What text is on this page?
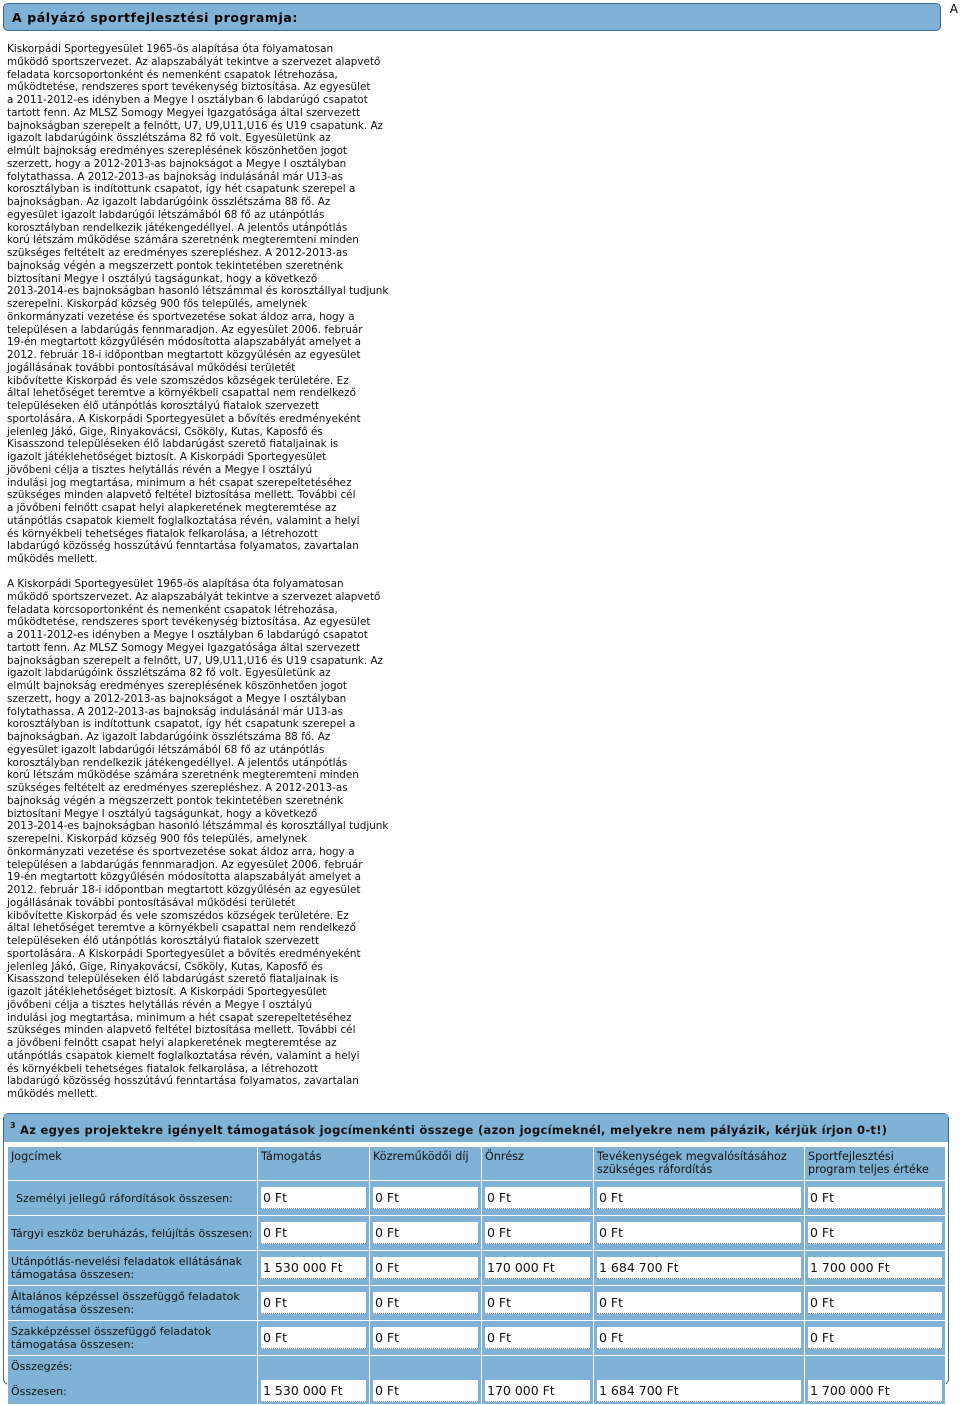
A pályázó sportfejlesztési programja:
A
Kiskorpádi Sportegyesület 1965-ös alapítása óta folyamatosan
működő sportszervezet. Az alapszabályát tekintve a szervezet alapvető
feladata korcsoportonként és nemenként csapatok létrehozása,
működtetése, rendszeres sport tevékenység biztosítása. Az egyesület
a 2011-2012-es idényben a Megye I osztályban 6 labdarúgó csapatot
tartott fenn. Az MLSZ Somogy Megyei Igazgatósága által szervezett
bajnokságban szerepelt a felnőtt, U7, U9,U11,U16 és U19 csapatunk. Az
igazolt labdarúgóink összlétszáma 82 fő volt. Egyesületünk az
elmúlt bajnokság eredményes szereplésének köszönhetően jogot
szerzett, hogy a 2012-2013-as bajnokságot a Megye I osztályban
folytathassa. A 2012-2013-as bajnokság indulásánál már U13-as
korosztályban is indítottunk csapatot, így hét csapatunk szerepel a
bajnokságban. Az igazolt labdarúgóink összlétszáma 88 fő. Az
egyesület igazolt labdarúgói létszámából 68 fő az utánpótlás
korosztályban rendelkezik játékengedéllyel. A jelentős utánpótlás
korú létszám működése számára szeretnénk megteremteni minden
szükséges feltételt az eredményes szerepléshez. A 2012-2013-as
bajnokság végén a megszerzett pontok tekintetében szeretnénk
biztosítani Megye I osztályú tagságunkat, hogy a következő
2013-2014-es bajnokságban hasonló létszámmal és korosztállyal tudjunk
szerepelni. Kiskorpád község 900 fős település, amelynek
önkormányzati vezetése és sportvezetése sokat áldoz arra, hogy a
településen a labdarúgás fennmaradjon. Az egyesület 2006. február
19-én megtartott közgyűlésén módosította alapszabályát amelyet a
2012. február 18-i időpontban megtartott közgyűlésén az egyesület
jogállásának további pontosításával működési területét
kibővítette Kiskorpád és vele szomszédos községek területére. Ez
által lehetőséget teremtve a környékbeli csapattal nem rendelkező
településeken élő utánpótlás korosztályú fiatalok szervezett
sportolására. A Kiskorpádi Sportegyesület a bővítés eredményeként
jelenleg Jákó, Gige, Rinyakovácsi, Csököly, Kutas, Kaposfő és
Kisasszond településeken élő labdarúgást szerető fiataljainak is
igazolt játéklehetőséget biztosít. A Kiskorpádi Sportegyesület
jövőbeni célja a tisztes helytállás révén a Megye I osztályú
indulási jog megtartása, minimum a hét csapat szerepeltetéséhez
szükséges minden alapvető feltétel biztosítása mellett. További cél
a jövőbeni felnőtt csapat helyi alapkeretének megteremtése az
utánpótlás csapatok kiemelt foglalkoztatása révén, valamint a helyi
és környékbeli tehetséges fiatalok felkarolása, a létrehozott
labdarúgó közösség hosszútávú fenntartása folyamatos, zavartalan
működés mellett.
A Kiskorpádi Sportegyesület 1965-ös alapítása óta folyamatosan
működő sportszervezet. Az alapszabályát tekintve a szervezet alapvető
feladata korcsoportonként és nemenként csapatok létrehozása,
működtetése, rendszeres sport tevékenység biztosítása. Az egyesület
a 2011-2012-es idényben a Megye I osztályban 6 labdarúgó csapatot
tartott fenn. Az MLSZ Somogy Megyei Igazgatósága által szervezett
bajnokságban szerepelt a felnőtt, U7, U9,U11,U16 és U19 csapatunk. Az
igazolt labdarúgóink összlétszáma 82 fő volt. Egyesületünk az
elmúlt bajnokság eredményes szereplésének köszönhetően jogot
szerzett, hogy a 2012-2013-as bajnokságot a Megye I osztályban
folytathassa. A 2012-2013-as bajnokság indulásánál már U13-as
korosztályban is indítottunk csapatot, így hét csapatunk szerepel a
bajnokságban. Az igazolt labdarúgóink összlétszáma 88 fő. Az
egyesület igazolt labdarúgói létszámából 68 fő az utánpótlás
korosztályban rendelkezik játékengedéllyel. A jelentős utánpótlás
korú létszám működése számára szeretnénk megteremteni minden
szükséges feltételt az eredményes szerepléshez. A 2012-2013-as
bajnokság végén a megszerzett pontok tekintetében szeretnénk
biztosítani Megye I osztályú tagságunkat, hogy a következő
2013-2014-es bajnokságban hasonló létszámmal és korosztállyal tudjunk
szerepelni. Kiskorpád község 900 fős település, amelynek
önkormányzati vezetése és sportvezetése sokat áldoz arra, hogy a
településen a labdarúgás fennmaradjon. Az egyesület 2006. február
19-én megtartott közgyűlésén módosította alapszabályát amelyet a
2012. február 18-i időpontban megtartott közgyűlésén az egyesület
jogállásának további pontosításával működési területét
kibővítette Kiskorpád és vele szomszédos községek területére. Ez
által lehetőséget teremtve a környékbeli csapattal nem rendelkező
településeken élő utánpótlás korosztályú fiatalok szervezett
sportolására. A Kiskorpádi Sportegyesület a bővítés eredményeként
jelenleg Jákó, Gige, Rinyakovácsi, Csököly, Kutas, Kaposfő és
Kisasszond településeken élő labdarúgást szerető fiataljainak is
igazolt játéklehetőséget biztosít. A Kiskorpádi Sportegyesület
jövőbeni célja a tisztes helytállás révén a Megye I osztályú
indulási jog megtartása, minimum a hét csapat szerepeltetéséhez
szükséges minden alapvető feltétel biztosítása mellett. További cél
a jövőbeni felnőtt csapat helyi alapkeretének megteremtése az
utánpótlás csapatok kiemelt foglalkoztatása révén, valamint a helyi
és környékbeli tehetséges fiatalok felkarolása, a létrehozott
labdarúgó közösség hosszútávú fenntartása folyamatos, zavartalan
működés mellett.
3 Az egyes projektekre igényelt támogatások jogcímenkénti összege (azon jogcímeknél, melyekre nem pályázik, kérjük írjon 0-t!)
Jogcímek	Támogatás	Közreműködői díj	Önrész	Tevékenységek megvalósításához szükséges ráfordítás	Sportfejlesztési program teljes értéke
Személyi jellegű ráfordítások összesen:	0 Ft	0 Ft	0 Ft	0 Ft	0 Ft

Tárgyi eszköz beruházás, felújítás összesen:	0 Ft	0 Ft	0 Ft	0 Ft	0 Ft

Utánpótlás-nevelési feladatok ellátásának támogatása összesen:	1 530 000 Ft	0 Ft	170 000 Ft	1 684 700 Ft	1 700 000 Ft

Általános képzéssel összefüggő feladatok támogatása összesen:	0 Ft	0 Ft	0 Ft	0 Ft	0 Ft

Szakképzéssel összefüggő feladatok támogatása összesen:	0 Ft	0 Ft	0 Ft	0 Ft	0 Ft

Összegzés:
Összesen:	1 530 000 Ft	0 Ft	170 000 Ft	1 684 700 Ft	1 700 000 Ft
